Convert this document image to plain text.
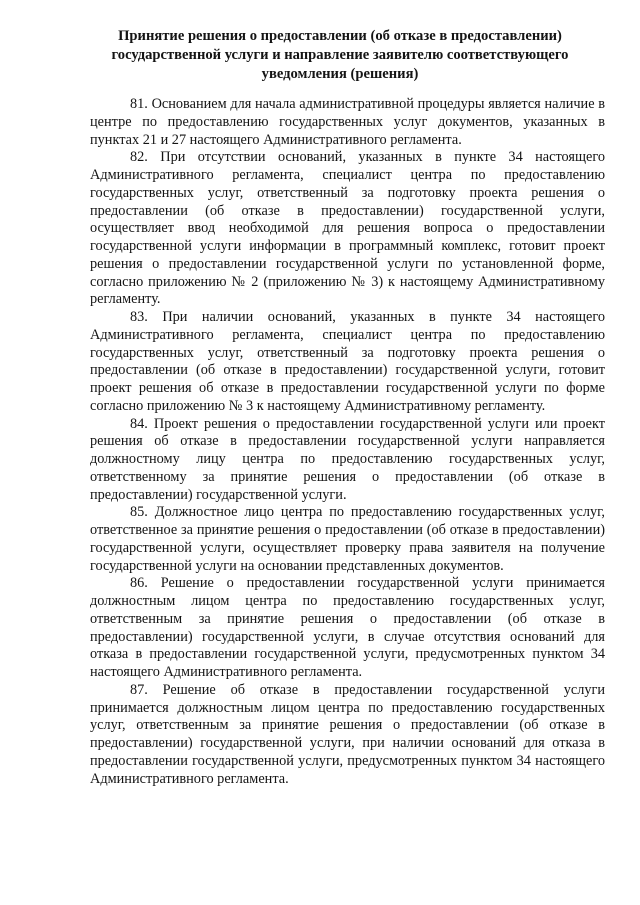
Принятие решения о предоставлении (об отказе в предоставлении) государственной услуги и направление заявителю соответствующего уведомления (решения)

81. Основанием для начала административной процедуры является наличие в центре по предоставлению государственных услуг документов, указанных в пунктах 21 и 27 настоящего Административного регламента.

82. При отсутствии оснований, указанных в пункте 34 настоящего Административного регламента, специалист центра по предоставлению государственных услуг, ответственный за подготовку проекта решения о предоставлении (об отказе в предоставлении) государственной услуги, осуществляет ввод необходимой для решения вопроса о предоставлении государственной услуги информации в программный комплекс, готовит проект решения о предоставлении государственной услуги по установленной форме, согласно приложению № 2 (приложению № 3) к настоящему Административному регламенту.

83. При наличии оснований, указанных в пункте 34 настоящего Административного регламента, специалист центра по предоставлению государственных услуг, ответственный за подготовку проекта решения о предоставлении (об отказе в предоставлении) государственной услуги, готовит проект решения об отказе в предоставлении государственной услуги по форме согласно приложению № 3 к настоящему Административному регламенту.

84. Проект решения о предоставлении государственной услуги или проект решения об отказе в предоставлении государственной услуги направляется должностному лицу центра по предоставлению государственных услуг, ответственному за принятие решения о предоставлении (об отказе в предоставлении) государственной услуги.

85. Должностное лицо центра по предоставлению государственных услуг, ответственное за принятие решения о предоставлении (об отказе в предоставлении) государственной услуги, осуществляет проверку права заявителя на получение государственной услуги на основании представленных документов.

86. Решение о предоставлении государственной услуги принимается должностным лицом центра по предоставлению государственных услуг, ответственным за принятие решения о предоставлении (об отказе в предоставлении) государственной услуги, в случае отсутствия оснований для отказа в предоставлении государственной услуги, предусмотренных пунктом 34 настоящего Административного регламента.

87. Решение об отказе в предоставлении государственной услуги принимается должностным лицом центра по предоставлению государственных услуг, ответственным за принятие решения о предоставлении (об отказе в предоставлении) государственной услуги, при наличии оснований для отказа в предоставлении государственной услуги, предусмотренных пунктом 34 настоящего Административного регламента.
